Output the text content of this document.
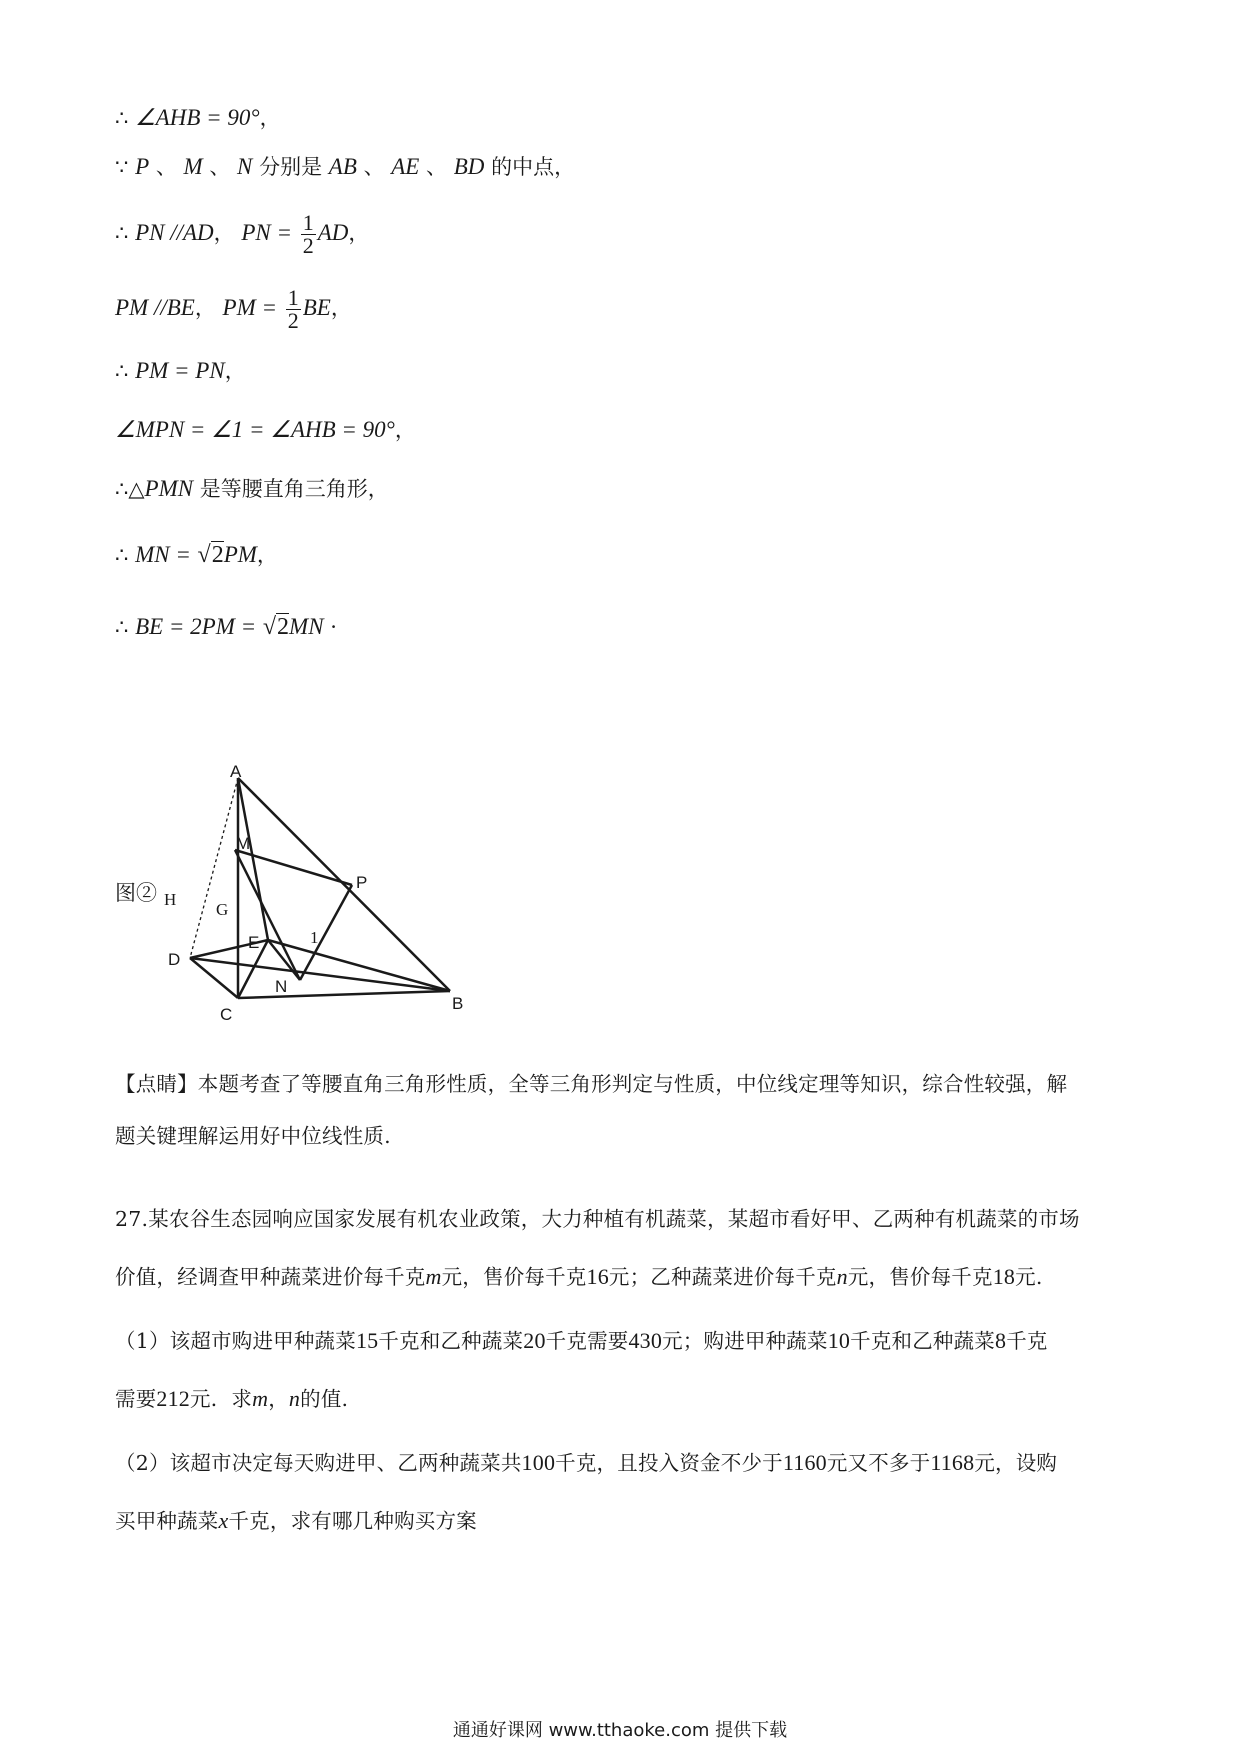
∴ ∠AHB = 90°，
∵ P 、 M 、 N 分别是 AB 、 AE 、 BD 的中点，
∴ PN //AD， PN = $\frac{1}{2}$ AD，
PM //BE， PM = $\frac{1}{2}$ BE，
∴ PM = PN，
∠MPN = ∠1 = ∠AHB = 90°，
∴△PMN 是等腰直角三角形，
∴ MN = √2PM，
∴ BE = 2PM = √2MN ·
图②
A
M
P
H
G
E	1
D
N
C
B
【点睛】本题考查了等腰直角三角形性质，全等三角形判定与性质，中位线定理等知识，综合性较强，解
题关键理解运用好中位线性质.
27.某农谷生态园响应国家发展有机农业政策，大力种植有机蔬菜，某超市看好甲、乙两种有机蔬菜的市场
价值，经调查甲种蔬菜进价每千克m元，售价每千克16元；乙种蔬菜进价每千克n元，售价每千克18元.
（1）该超市购进甲种蔬菜15千克和乙种蔬菜20千克需要430元；购进甲种蔬菜10千克和乙种蔬菜8千克
需要212元．求m，n的值.
（2）该超市决定每天购进甲、乙两种蔬菜共100千克，且投入资金不少于1160元又不多于1168元，设购
买甲种蔬菜x千克，求有哪几种购买方案
通通好课网 www.tthaoke.com 提供下载
